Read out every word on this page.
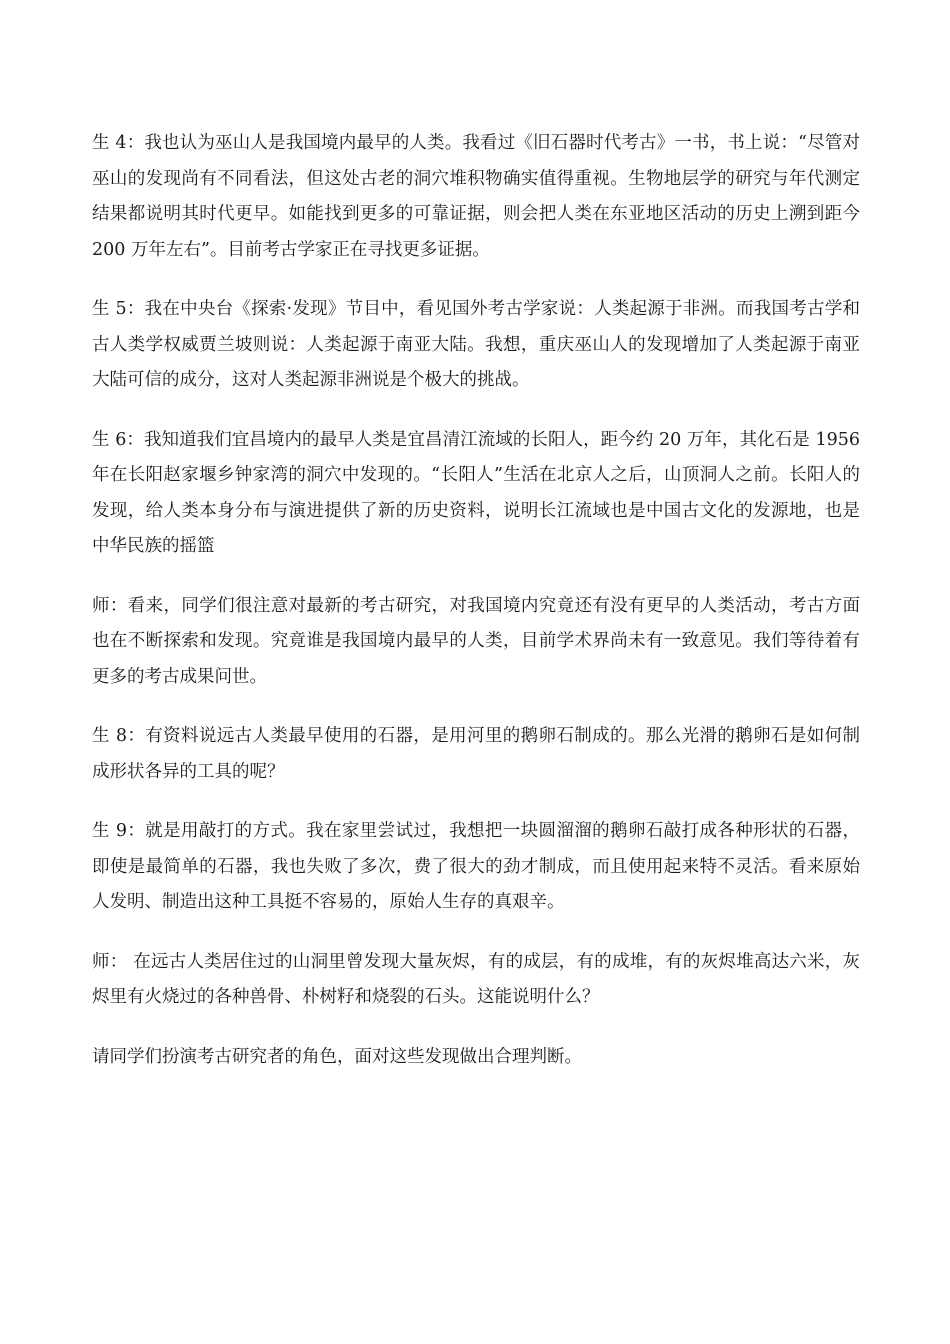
生 4：我也认为巫山人是我国境内最早的人类。我看过《旧石器时代考古》一书，书上说：“尽管对巫山的发现尚有不同看法，但这处古老的洞穴堆积物确实值得重视。生物地层学的研究与年代测定结果都说明其时代更早。如能找到更多的可靠证据，则会把人类在东亚地区活动的历史上溯到距今 200 万年左右”。目前考古学家正在寻找更多证据。

生 5：我在中央台《探索·发现》节目中，看见国外考古学家说：人类起源于非洲。而我国考古学和古人类学权威贾兰坡则说：人类起源于南亚大陆。我想，重庆巫山人的发现增加了人类起源于南亚大陆可信的成分，这对人类起源非洲说是个极大的挑战。

生 6：我知道我们宜昌境内的最早人类是宜昌清江流域的长阳人，距今约 20 万年，其化石是 1956 年在长阳赵家堰乡钟家湾的洞穴中发现的。“长阳人”生活在北京人之后，山顶洞人之前。长阳人的发现，给人类本身分布与演进提供了新的历史资料，说明长江流域也是中国古文化的发源地，也是中华民族的摇篮

师：看来，同学们很注意对最新的考古研究，对我国境内究竟还有没有更早的人类活动，考古方面也在不断探索和发现。究竟谁是我国境内最早的人类，目前学术界尚未有一致意见。我们等待着有更多的考古成果问世。

生 8：有资料说远古人类最早使用的石器，是用河里的鹅卵石制成的。那么光滑的鹅卵石是如何制成形状各异的工具的呢？

生 9：就是用敲打的方式。我在家里尝试过，我想把一块圆溜溜的鹅卵石敲打成各种形状的石器，即使是最简单的石器，我也失败了多次，费了很大的劲才制成，而且使用起来特不灵活。看来原始人发明、制造出这种工具挺不容易的，原始人生存的真艰辛。

师： 在远古人类居住过的山洞里曾发现大量灰烬，有的成层，有的成堆，有的灰烬堆高达六米，灰烬里有火烧过的各种兽骨、朴树籽和烧裂的石头。这能说明什么？

请同学们扮演考古研究者的角色，面对这些发现做出合理判断。
